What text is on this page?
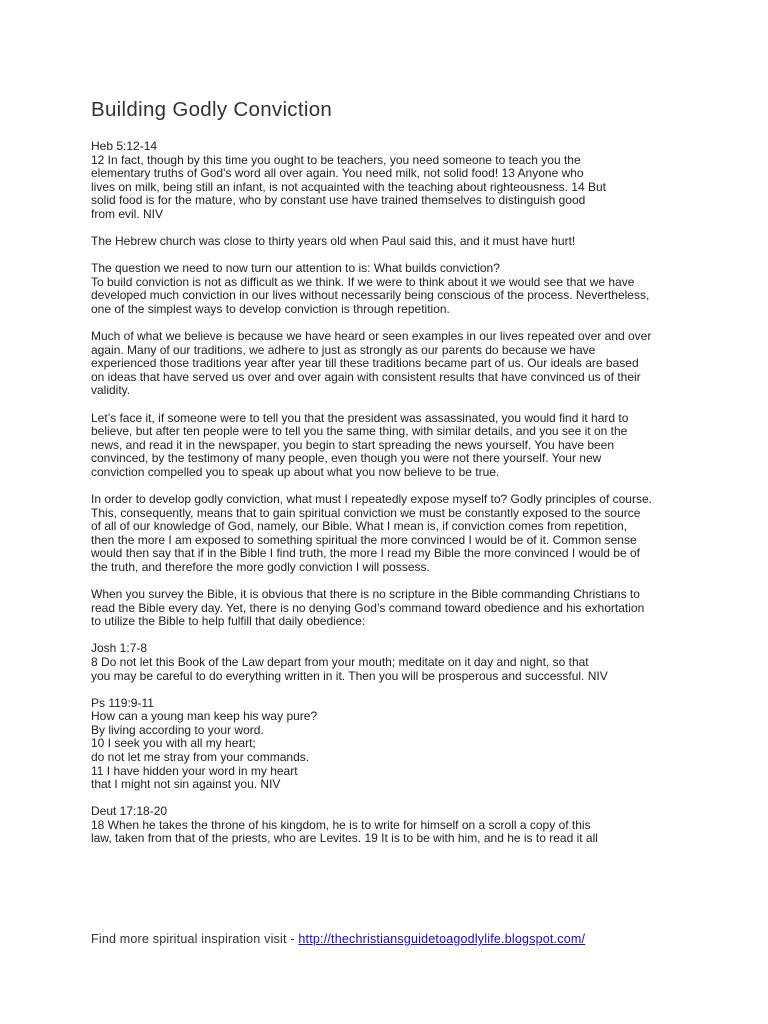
Building Godly Conviction
Heb 5:12-14
12 In fact, though by this time you ought to be teachers, you need someone to teach you the
elementary truths of God's word all over again. You need milk, not solid food! 13 Anyone who
lives on milk, being still an infant, is not acquainted with the teaching about righteousness. 14 But
solid food is for the mature, who by constant use have trained themselves to distinguish good
from evil. NIV
The Hebrew church was close to thirty years old when Paul said this, and it must have hurt!
The question we need to now turn our attention to is: What builds conviction?
To build conviction is not as difficult as we think. If we were to think about it we would see that we have
developed much conviction in our lives without necessarily being conscious of the process. Nevertheless,
one of the simplest ways to develop conviction is through repetition.
Much of what we believe is because we have heard or seen examples in our lives repeated over and over
again. Many of our traditions, we adhere to just as strongly as our parents do because we have
experienced those traditions year after year till these traditions became part of us. Our ideals are based
on ideas that have served us over and over again with consistent results that have convinced us of their
validity.
Let’s face it, if someone were to tell you that the president was assassinated, you would find it hard to
believe, but after ten people were to tell you the same thing, with similar details, and you see it on the
news, and read it in the newspaper, you begin to start spreading the news yourself. You have been
convinced, by the testimony of many people, even though you were not there yourself. Your new
conviction compelled you to speak up about what you now believe to be true.
In order to develop godly conviction, what must I repeatedly expose myself to? Godly principles of course.
This, consequently, means that to gain spiritual conviction we must be constantly exposed to the source
of all of our knowledge of God, namely, our Bible. What I mean is, if conviction comes from repetition,
then the more I am exposed to something spiritual the more convinced I would be of it. Common sense
would then say that if in the Bible I find truth, the more I read my Bible the more convinced I would be of
the truth, and therefore the more godly conviction I will possess.
When you survey the Bible, it is obvious that there is no scripture in the Bible commanding Christians to
read the Bible every day. Yet, there is no denying God’s command toward obedience and his exhortation
to utilize the Bible to help fulfill that daily obedience:
Josh 1:7-8
8 Do not let this Book of the Law depart from your mouth; meditate on it day and night, so that
you may be careful to do everything written in it. Then you will be prosperous and successful. NIV
Ps 119:9-11
How can a young man keep his way pure?
By living according to your word.
10 I seek you with all my heart;
do not let me stray from your commands.
11 I have hidden your word in my heart
that I might not sin against you. NIV
Deut 17:18-20
18 When he takes the throne of his kingdom, he is to write for himself on a scroll a copy of this
law, taken from that of the priests, who are Levites. 19 It is to be with him, and he is to read it all
Find more spiritual inspiration visit - http://thechristiansguidetoagodlylife.blogspot.com/
